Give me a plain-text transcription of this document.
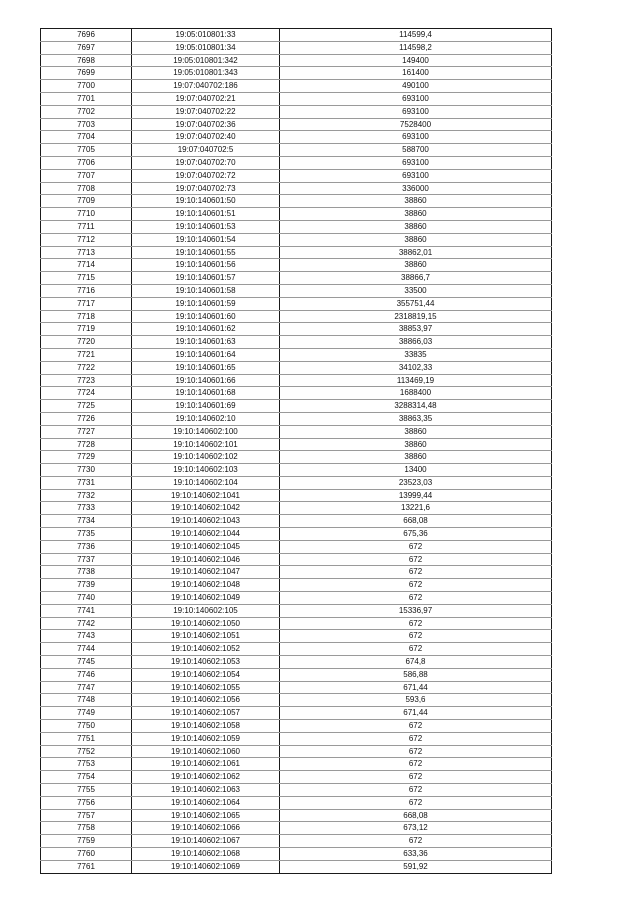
7696	19:05:010801:33	114599,4
7697	19:05:010801:34	114598,2
7698	19:05:010801:342	149400
7699	19:05:010801:343	161400
7700	19:07:040702:186	490100
7701	19:07:040702:21	693100
7702	19:07:040702:22	693100
7703	19:07:040702:36	7528400
7704	19:07:040702:40	693100
7705	19:07:040702:5	588700
7706	19:07:040702:70	693100
7707	19:07:040702:72	693100
7708	19:07:040702:73	336000
7709	19:10:140601:50	38860
7710	19:10:140601:51	38860
7711	19:10:140601:53	38860
7712	19:10:140601:54	38860
7713	19:10:140601:55	38862,01
7714	19:10:140601:56	38860
7715	19:10:140601:57	38866,7
7716	19:10:140601:58	33500
7717	19:10:140601:59	355751,44
7718	19:10:140601:60	2318819,15
7719	19:10:140601:62	38853,97
7720	19:10:140601:63	38866,03
7721	19:10:140601:64	33835
7722	19:10:140601:65	34102,33
7723	19:10:140601:66	113469,19
7724	19:10:140601:68	1688400
7725	19:10:140601:69	3288314,48
7726	19:10:140602:10	38863,35
7727	19:10:140602:100	38860
7728	19:10:140602:101	38860
7729	19:10:140602:102	38860
7730	19:10:140602:103	13400
7731	19:10:140602:104	23523,03
7732	19:10:140602:1041	13999,44
7733	19:10:140602:1042	13221,6
7734	19:10:140602:1043	668,08
7735	19:10:140602:1044	675,36
7736	19:10:140602:1045	672
7737	19:10:140602:1046	672
7738	19:10:140602:1047	672
7739	19:10:140602:1048	672
7740	19:10:140602:1049	672
7741	19:10:140602:105	15336,97
7742	19:10:140602:1050	672
7743	19:10:140602:1051	672
7744	19:10:140602:1052	672
7745	19:10:140602:1053	674,8
7746	19:10:140602:1054	586,88
7747	19:10:140602:1055	671,44
7748	19:10:140602:1056	593,6
7749	19:10:140602:1057	671,44
7750	19:10:140602:1058	672
7751	19:10:140602:1059	672
7752	19:10:140602:1060	672
7753	19:10:140602:1061	672
7754	19:10:140602:1062	672
7755	19:10:140602:1063	672
7756	19:10:140602:1064	672
7757	19:10:140602:1065	668,08
7758	19:10:140602:1066	673,12
7759	19:10:140602:1067	672
7760	19:10:140602:1068	633,36
7761	19:10:140602:1069	591,92
